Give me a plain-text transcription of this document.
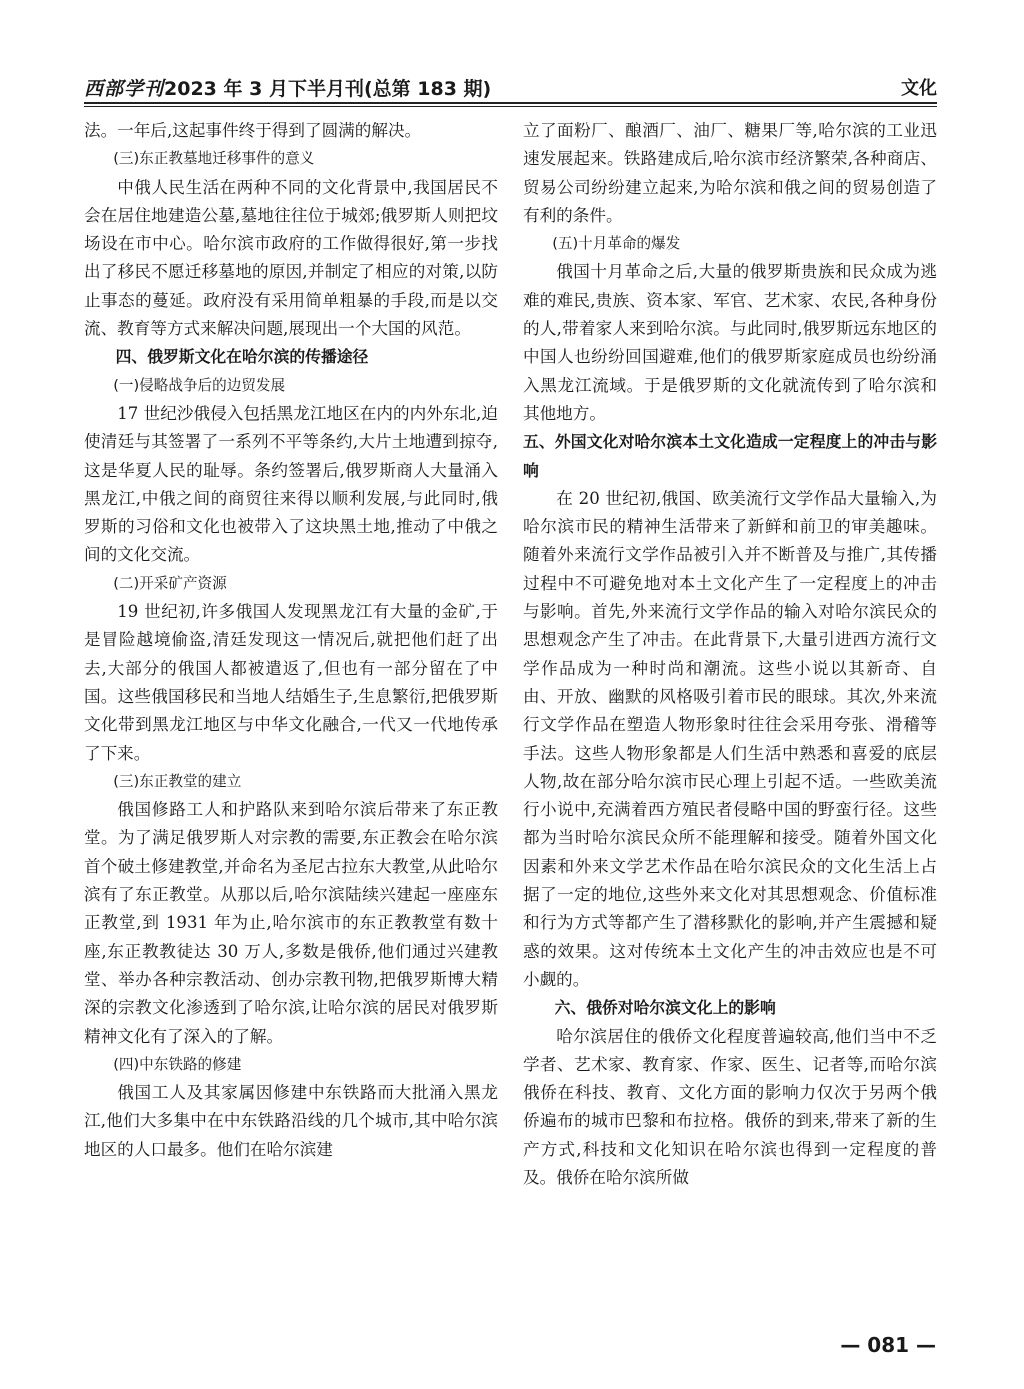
西部学刊2023 年 3 月下半月刊(总第 183 期)	文化

法。一年后,这起事件终于得到了圆满的解决。

(三)东正教墓地迁移事件的意义

中俄人民生活在两种不同的文化背景中,我国居民不会在居住地建造公墓,墓地往往位于城郊;俄罗斯人则把坟场设在市中心。哈尔滨市政府的工作做得很好,第一步找出了移民不愿迁移墓地的原因,并制定了相应的对策,以防止事态的蔓延。政府没有采用简单粗暴的手段,而是以交流、教育等方式来解决问题,展现出一个大国的风范。

四、俄罗斯文化在哈尔滨的传播途径

(一)侵略战争后的边贸发展

17 世纪沙俄侵入包括黑龙江地区在内的内外东北,迫使清廷与其签署了一系列不平等条约,大片土地遭到掠夺,这是华夏人民的耻辱。条约签署后,俄罗斯商人大量涌入黑龙江,中俄之间的商贸往来得以顺利发展,与此同时,俄罗斯的习俗和文化也被带入了这块黑土地,推动了中俄之间的文化交流。

(二)开采矿产资源

19 世纪初,许多俄国人发现黑龙江有大量的金矿,于是冒险越境偷盗,清廷发现这一情况后,就把他们赶了出去,大部分的俄国人都被遣返了,但也有一部分留在了中国。这些俄国移民和当地人结婚生子,生息繁衍,把俄罗斯文化带到黑龙江地区与中华文化融合,一代又一代地传承了下来。

(三)东正教堂的建立

俄国修路工人和护路队来到哈尔滨后带来了东正教堂。为了满足俄罗斯人对宗教的需要,东正教会在哈尔滨首个破土修建教堂,并命名为圣尼古拉东大教堂,从此哈尔滨有了东正教堂。从那以后,哈尔滨陆续兴建起一座座东正教堂,到 1931 年为止,哈尔滨市的东正教教堂有数十座,东正教教徒达 30 万人,多数是俄侨,他们通过兴建教堂、举办各种宗教活动、创办宗教刊物,把俄罗斯博大精深的宗教文化渗透到了哈尔滨,让哈尔滨的居民对俄罗斯精神文化有了深入的了解。

(四)中东铁路的修建

俄国工人及其家属因修建中东铁路而大批涌入黑龙江,他们大多集中在中东铁路沿线的几个城市,其中哈尔滨地区的人口最多。他们在哈尔滨建

立了面粉厂、酿酒厂、油厂、糖果厂等,哈尔滨的工业迅速发展起来。铁路建成后,哈尔滨市经济繁荣,各种商店、贸易公司纷纷建立起来,为哈尔滨和俄之间的贸易创造了有利的条件。

(五)十月革命的爆发

俄国十月革命之后,大量的俄罗斯贵族和民众成为逃难的难民,贵族、资本家、军官、艺术家、农民,各种身份的人,带着家人来到哈尔滨。与此同时,俄罗斯远东地区的中国人也纷纷回国避难,他们的俄罗斯家庭成员也纷纷涌入黑龙江流域。于是俄罗斯的文化就流传到了哈尔滨和其他地方。

五、外国文化对哈尔滨本土文化造成一定程度上的冲击与影响

在 20 世纪初,俄国、欧美流行文学作品大量输入,为哈尔滨市民的精神生活带来了新鲜和前卫的审美趣味。随着外来流行文学作品被引入并不断普及与推广,其传播过程中不可避免地对本土文化产生了一定程度上的冲击与影响。首先,外来流行文学作品的输入对哈尔滨民众的思想观念产生了冲击。在此背景下,大量引进西方流行文学作品成为一种时尚和潮流。这些小说以其新奇、自由、开放、幽默的风格吸引着市民的眼球。其次,外来流行文学作品在塑造人物形象时往往会采用夸张、滑稽等手法。这些人物形象都是人们生活中熟悉和喜爱的底层人物,故在部分哈尔滨市民心理上引起不适。一些欧美流行小说中,充满着西方殖民者侵略中国的野蛮行径。这些都为当时哈尔滨民众所不能理解和接受。随着外国文化因素和外来文学艺术作品在哈尔滨民众的文化生活上占据了一定的地位,这些外来文化对其思想观念、价值标准和行为方式等都产生了潜移默化的影响,并产生震撼和疑惑的效果。这对传统本土文化产生的冲击效应也是不可小觑的。

六、俄侨对哈尔滨文化上的影响

哈尔滨居住的俄侨文化程度普遍较高,他们当中不乏学者、艺术家、教育家、作家、医生、记者等,而哈尔滨俄侨在科技、教育、文化方面的影响力仅次于另两个俄侨遍布的城市巴黎和布拉格。俄侨的到来,带来了新的生产方式,科技和文化知识在哈尔滨也得到一定程度的普及。俄侨在哈尔滨所做

— 081 —
